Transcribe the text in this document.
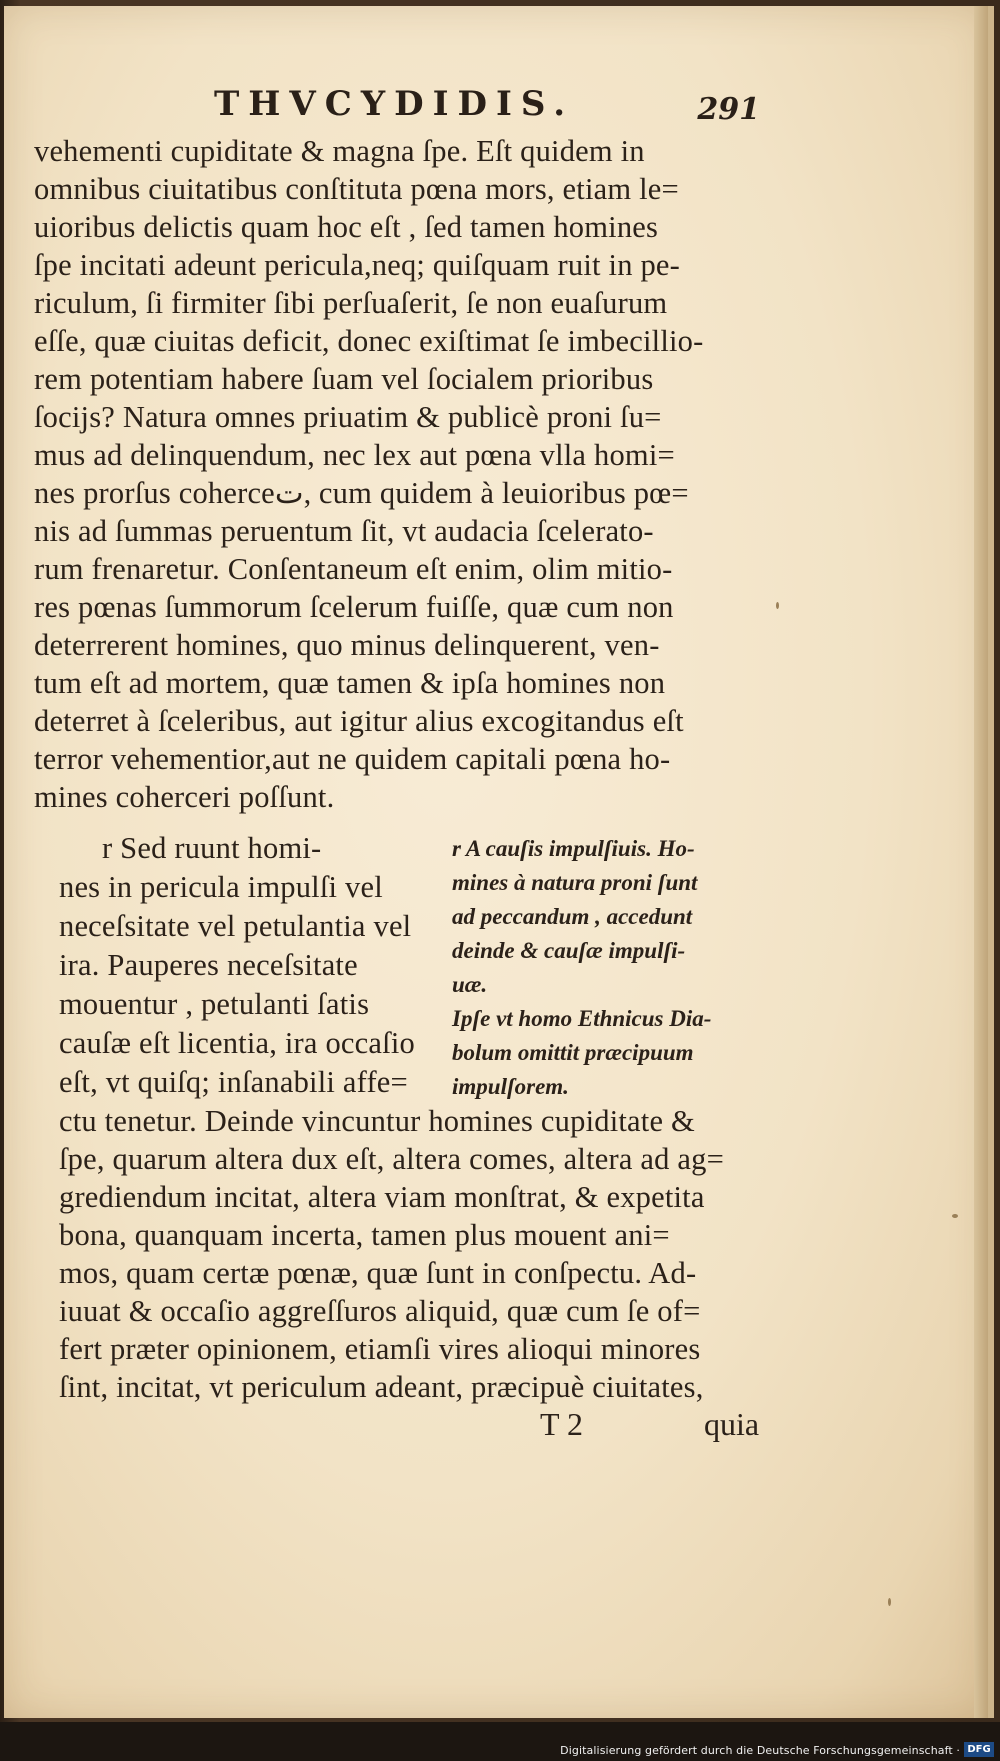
THVCYDIDIS.	291
vehementi cupiditate & magna ſpe. Eſt quidem in
omnibus ciuitatibus conſtituta pœna mors, etiam le=
uioribus delictis quam hoc eſt , ſed tamen homines
ſpe incitati adeunt pericula,neq; quiſquam ruit in pe-
riculum, ſi firmiter ſibi perſuaſerit, ſe non euaſurum
eſſe, quæ ciuitas deficit, donec exiſtimat ſe imbecillio-
rem potentiam habere ſuam vel ſocialem prioribus
ſocijs? Natura omnes priuatim & publicè proni ſu=
mus ad delinquendum, nec lex aut pœna vlla homi=
nes prorſus coherceت, cum quidem à leuioribus pœ=
nis ad ſummas peruentum ſit, vt audacia ſcelerato-
rum frenaretur. Conſentaneum eſt enim, olim mitio-
res pœnas ſummorum ſcelerum fuiſſe, quæ cum non
deterrerent homines, quo minus delinquerent, ven-
tum eſt ad mortem, quæ tamen & ipſa homines non
deterret à ſceleribus, aut igitur alius excogitandus eſt
terror vehementior,aut ne quidem capitali pœna ho-
mines coherceri poſſunt.
r Sed ruunt homi-
nes in pericula impulſi vel
neceſsitate vel petulantia vel
ira. Pauperes neceſsitate
mouentur , petulanti ſatis
cauſæ eſt licentia, ira occaſio
eſt, vt quiſq; inſanabili affe=
ctu tenetur. Deinde vincuntur homines cupiditate &
ſpe, quarum altera dux eſt, altera comes, altera ad ag=
grediendum incitat, altera viam monſtrat, & expetita
bona, quanquam incerta, tamen plus mouent ani=
mos, quam certæ pœnæ, quæ ſunt in conſpectu. Ad-
iuuat & occaſio aggreſſuros aliquid, quæ cum ſe of=
fert præter opinionem, etiamſi vires alioqui minores
ſint, incitat, vt periculum adeant, præcipuè ciuitates,
r A cauſis impulſiuis. Ho-
mines à natura proni ſunt
ad peccandum , accedunt
deinde & cauſæ impulſi-
uæ.
Ipſe vt homo Ethnicus Dia-
bolum omittit præcipuum
impulſorem.
T 2	quia
Digitalisierung gefördert durch die Deutsche Forschungsgemeinschaft · DFG
